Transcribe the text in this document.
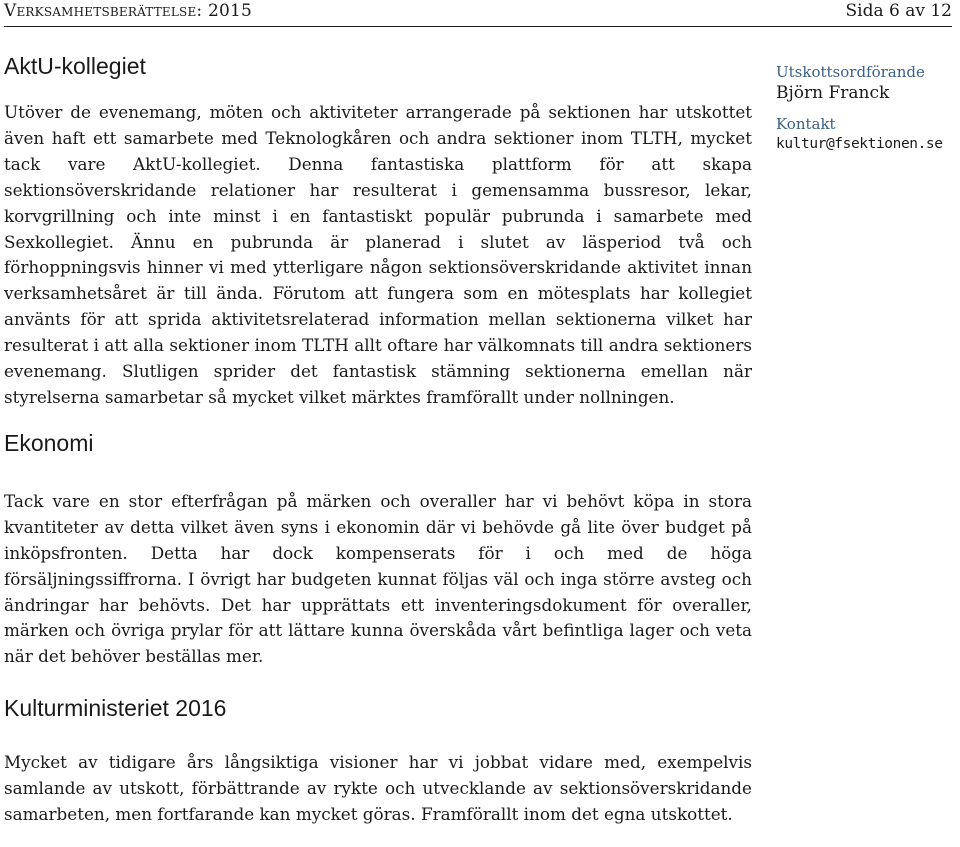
Verksamhetsberättelse: 2015	Sida 6 av 12
AktU-kollegiet

Utöver de evenemang, möten och aktiviteter arrangerade på sektionen har utskottet även haft ett samarbete med Teknologkåren och andra sektioner inom TLTH, mycket tack vare AktU-kollegiet. Denna fantastiska plattform för att skapa sektionsöverskridande relationer har resulterat i gemensamma bussresor, lekar, korvgrillning och inte minst i en fantastiskt populär pubrunda i samarbete med Sexkollegiet. Ännu en pubrunda är planerad i slutet av läsperiod två och förhoppningsvis hinner vi med ytterligare någon sektionsöverskridande aktivitet innan verksamhetsåret är till ända. Förutom att fungera som en mötesplats har kollegiet använts för att sprida aktivitetsrelaterad information mellan sektionerna vilket har resulterat i att alla sektioner inom TLTH allt oftare har välkomnats till andra sektioners evenemang. Slutligen sprider det fantastisk stämning sektionerna emellan när styrelserna samarbetar så mycket vilket märktes framförallt under nollningen.

Ekonomi

Tack vare en stor efterfrågan på märken och overaller har vi behövt köpa in stora kvantiteter av detta vilket även syns i ekonomin där vi behövde gå lite över budget på inköpsfronten. Detta har dock kompenserats för i och med de höga försäljningssiffrorna. I övrigt har budgeten kunnat följas väl och inga större avsteg och ändringar har behövts. Det har upprättats ett inventeringsdokument för overaller, märken och övriga prylar för att lättare kunna överskåda vårt befintliga lager och veta när det behöver beställas mer.

Kulturministeriet 2016

Mycket av tidigare års långsiktiga visioner har vi jobbat vidare med, exempelvis samlande av utskott, förbättrande av rykte och utvecklande av sektionsöverskridande samarbeten, men fortfarande kan mycket göras. Framförallt inom det egna utskottet.

Utskottsordförande
Björn Franck
Kontakt
kultur@fsektionen.se
